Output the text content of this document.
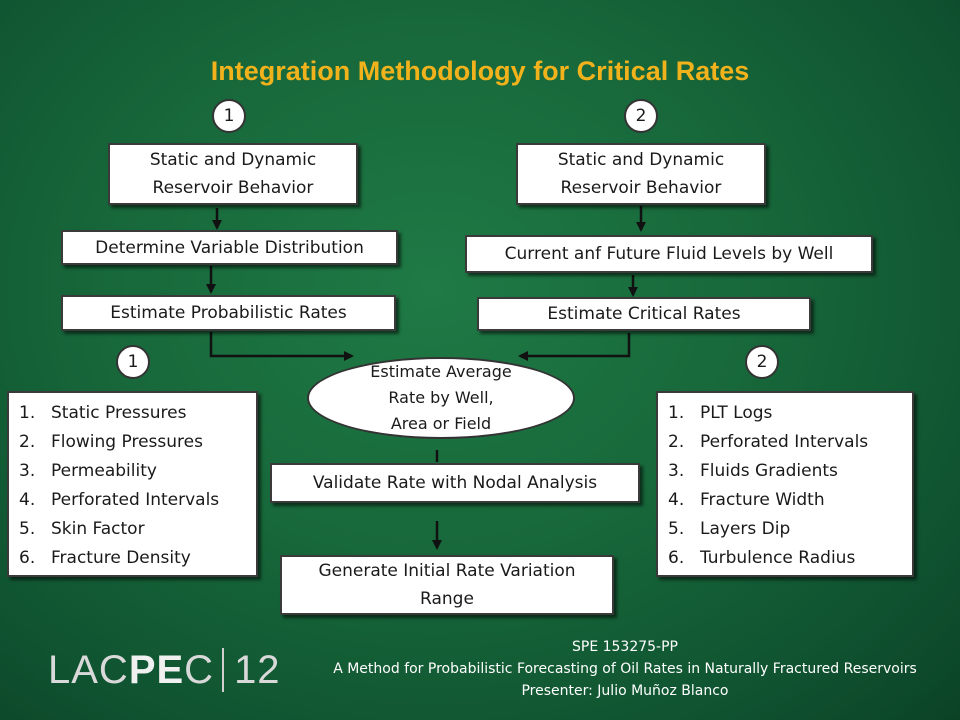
Integration Methodology for Critical Rates
1
Static and Dynamic
Reservoir Behavior
Determine Variable Distribution
Estimate Probabilistic Rates
1
1. Static Pressures
2. Flowing Pressures
3. Permeability
4. Perforated Intervals
5. Skin Factor
6. Fracture Density
2
Static and Dynamic
Reservoir Behavior
Current anf Future Fluid Levels by Well
Estimate Critical Rates
2
1. PLT Logs
2. Perforated Intervals
3. Fluids Gradients
4. Fracture Width
5. Layers Dip
6. Turbulence Radius
Estimate Average
Rate by Well,
Area or Field
Validate Rate with Nodal Analysis
Generate Initial Rate Variation
Range
LAC PE C 12
SPE 153275-PP
A Method for Probabilistic Forecasting of Oil Rates in Naturally Fractured Reservoirs
Presenter: Julio Muñoz Blanco
